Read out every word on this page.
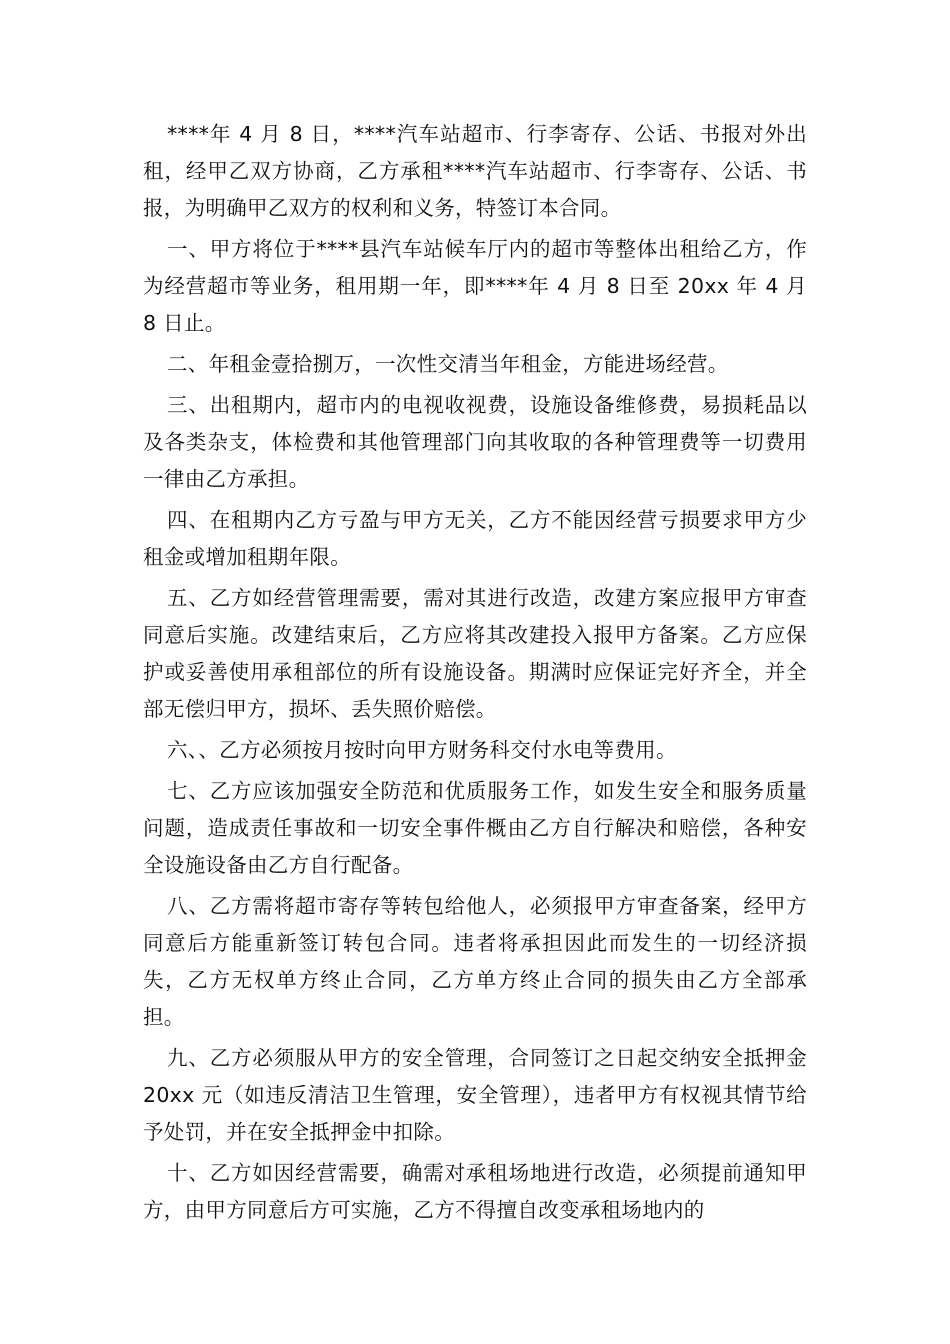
****年 4 月 8 日，****汽车站超市、行李寄存、公话、书报对外出租，经甲乙双方协商，乙方承租****汽车站超市、行李寄存、公话、书报，为明确甲乙双方的权利和义务，特签订本合同。

一、甲方将位于****县汽车站候车厅内的超市等整体出租给乙方，作为经营超市等业务，租用期一年，即****年 4 月 8 日至 20xx 年 4 月 8 日止。

二、年租金壹拾捌万，一次性交清当年租金，方能进场经营。

三、出租期内，超市内的电视收视费，设施设备维修费，易损耗品以及各类杂支，体检费和其他管理部门向其收取的各种管理费等一切费用一律由乙方承担。

四、在租期内乙方亏盈与甲方无关，乙方不能因经营亏损要求甲方少租金或增加租期年限。

五、乙方如经营管理需要，需对其进行改造，改建方案应报甲方审查同意后实施。改建结束后，乙方应将其改建投入报甲方备案。乙方应保护或妥善使用承租部位的所有设施设备。期满时应保证完好齐全，并全部无偿归甲方，损坏、丢失照价赔偿。

六、、乙方必须按月按时向甲方财务科交付水电等费用。

七、乙方应该加强安全防范和优质服务工作，如发生安全和服务质量问题，造成责任事故和一切安全事件概由乙方自行解决和赔偿，各种安全设施设备由乙方自行配备。

八、乙方需将超市寄存等转包给他人，必须报甲方审查备案，经甲方同意后方能重新签订转包合同。违者将承担因此而发生的一切经济损失，乙方无权单方终止合同，乙方单方终止合同的损失由乙方全部承担。

九、乙方必须服从甲方的安全管理，合同签订之日起交纳安全抵押金 20xx 元（如违反清洁卫生管理，安全管理），违者甲方有权视其情节给予处罚，并在安全抵押金中扣除。

十、乙方如因经营需要，确需对承租场地进行改造，必须提前通知甲方，由甲方同意后方可实施，乙方不得擅自改变承租场地内的
